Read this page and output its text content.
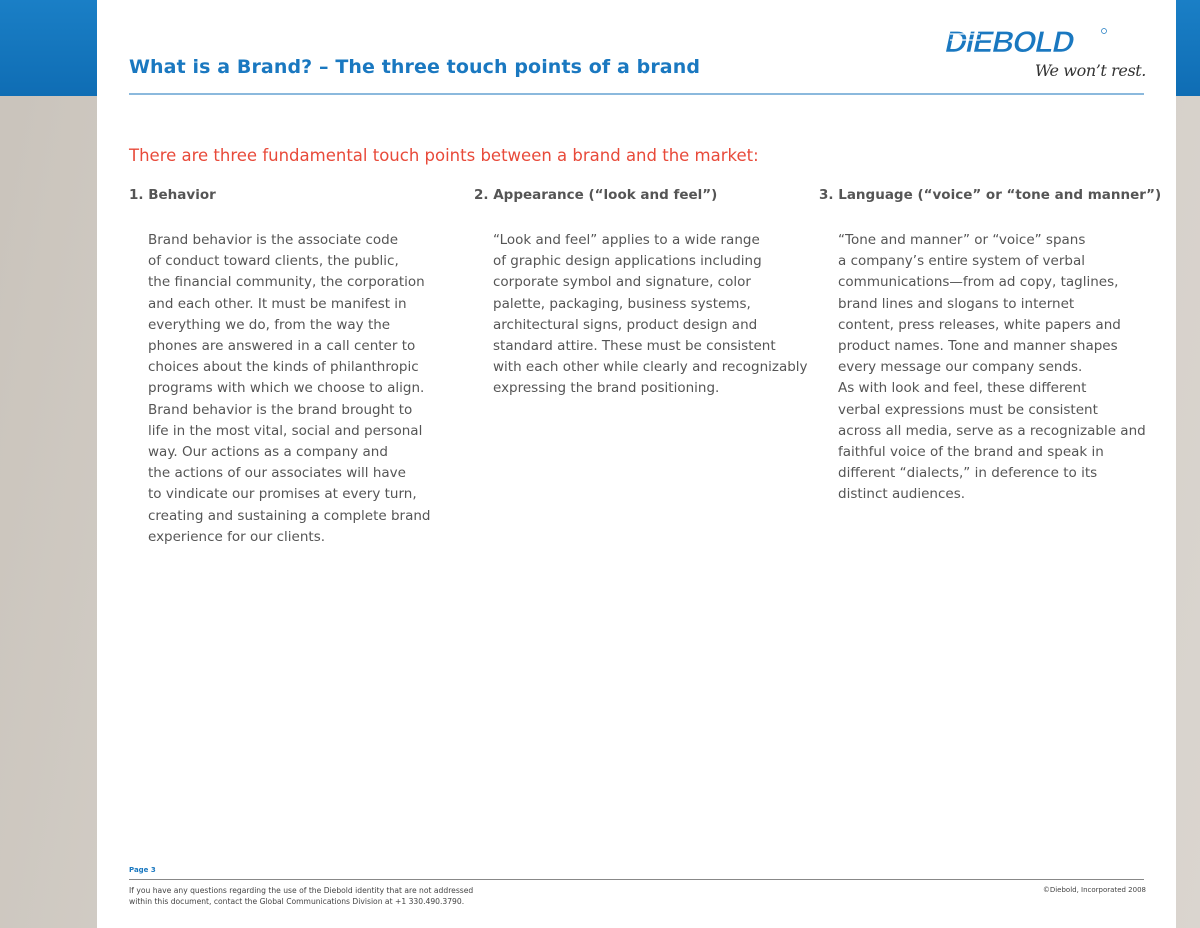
What is a Brand? – The three touch points of a brand
DIEBOLD
We won’t rest.
There are three fundamental touch points between a brand and the market:
1. Behavior
Brand behavior is the associate code
of conduct toward clients, the public,
the financial community, the corporation
and each other. It must be manifest in
everything we do, from the way the
phones are answered in a call center to
choices about the kinds of philanthropic
programs with which we choose to align.
Brand behavior is the brand brought to
life in the most vital, social and personal
way. Our actions as a company and
the actions of our associates will have
to vindicate our promises at every turn,
creating and sustaining a complete brand
experience for our clients.
2. Appearance (“look and feel”)
“Look and feel” applies to a wide range
of graphic design applications including
corporate symbol and signature, color
palette, packaging, business systems,
architectural signs, product design and
standard attire. These must be consistent
with each other while clearly and recognizably
expressing the brand positioning.
3. Language (“voice” or “tone and manner”)
“Tone and manner” or “voice” spans
a company’s entire system of verbal
communications—from ad copy, taglines,
brand lines and slogans to internet
content, press releases, white papers and
product names. Tone and manner shapes
every message our company sends.
As with look and feel, these different
verbal expressions must be consistent
across all media, serve as a recognizable and
faithful voice of the brand and speak in
different “dialects,” in deference to its
distinct audiences.
Page 3
If you have any questions regarding the use of the Diebold identity that are not addressed
within this document, contact the Global Communications Division at +1 330.490.3790.
©Diebold, Incorporated 2008
